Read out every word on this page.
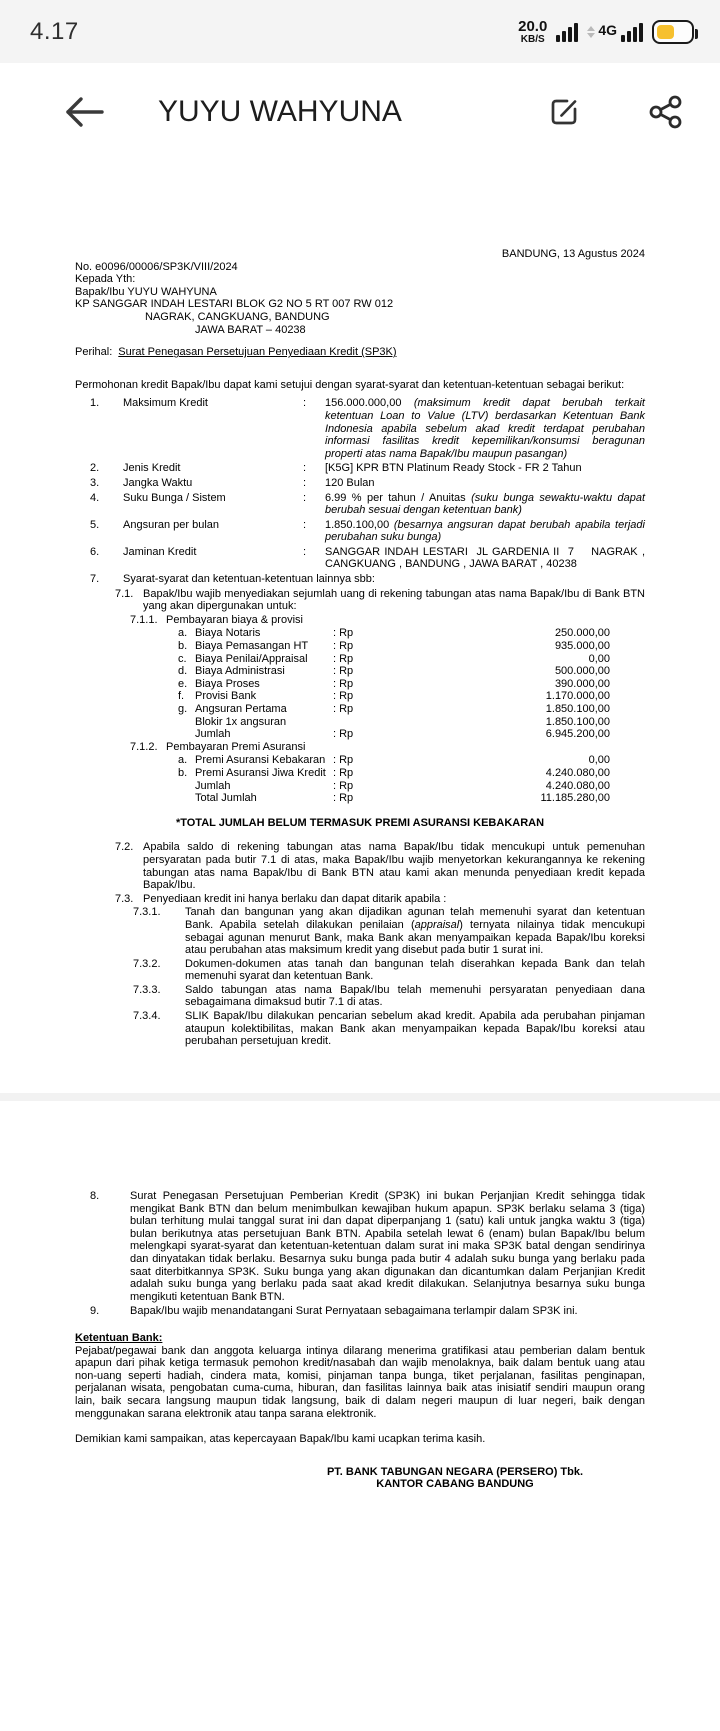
4.17	20.0
KB/S
4G
YUYU WAHYUNA
BANDUNG, 13 Agustus 2024
No. e0096/00006/SP3K/VIII/2024
Kepada Yth:
Bapak/Ibu YUYU WAHYUNA
KP SANGGAR INDAH LESTARI BLOK G2 NO 5 RT 007 RW 012
NAGRAK, CANGKUANG, BANDUNG
JAWA BARAT – 40238
Perihal: Surat Penegasan Persetujuan Penyediaan Kredit (SP3K)
Permohonan kredit Bapak/Ibu dapat kami setujui dengan syarat-syarat dan ketentuan-ketentuan sebagai berikut:
1.	Maksimum Kredit	:	156.000.000,00 (maksimum kredit dapat berubah terkait ketentuan Loan to Value (LTV) berdasarkan Ketentuan Bank Indonesia apabila sebelum akad kredit terdapat perubahan informasi fasilitas kredit kepemilikan/konsumsi beragunan properti atas nama Bapak/Ibu maupun pasangan)
2.	Jenis Kredit	:	[K5G] KPR BTN Platinum Ready Stock - FR 2 Tahun
3.	Jangka Waktu	:	120 Bulan
4.	Suku Bunga / Sistem	:	6.99 % per tahun / Anuitas (suku bunga sewaktu-waktu dapat berubah sesuai dengan ketentuan bank)
5.	Angsuran per bulan	:	1.850.100,00 (besarnya angsuran dapat berubah apabila terjadi perubahan suku bunga)
6.	Jaminan Kredit	:	SANGGAR INDAH LESTARI  JL GARDENIA II  7    NAGRAK , CANGKUANG , BANDUNG , JAWA BARAT , 40238
7.	Syarat-syarat dan ketentuan-ketentuan lainnya sbb:
7.1. Bapak/Ibu wajib menyediakan sejumlah uang di rekening tabungan atas nama Bapak/Ibu di Bank BTN yang akan dipergunakan untuk:
7.1.1. Pembayaran biaya & provisi
a. Biaya Notaris	: Rp	250.000,00
b. Biaya Pemasangan HT	: Rp	935.000,00
c. Biaya Penilai/Appraisal	: Rp	0,00
d. Biaya Administrasi	: Rp	500.000,00
e. Biaya Proses	: Rp	390.000,00
f. Provisi Bank	: Rp	1.170.000,00
g. Angsuran Pertama	: Rp	1.850.100,00
Blokir 1x angsuran	1.850.100,00
Jumlah	: Rp	6.945.200,00
7.1.2. Pembayaran Premi Asuransi
a. Premi Asuransi Kebakaran : Rp	0,00
b. Premi Asuransi Jiwa Kredit : Rp	4.240.080,00
Jumlah	: Rp	4.240.080,00
Total Jumlah	: Rp	11.185.280,00
*TOTAL JUMLAH BELUM TERMASUK PREMI ASURANSI KEBAKARAN
7.2. Apabila saldo di rekening tabungan atas nama Bapak/Ibu tidak mencukupi untuk pemenuhan persyaratan pada butir 7.1 di atas, maka Bapak/Ibu wajib menyetorkan kekurangannya ke rekening tabungan atas nama Bapak/Ibu di Bank BTN atau kami akan menunda penyediaan kredit kepada Bapak/Ibu.
7.3. Penyediaan kredit ini hanya berlaku dan dapat ditarik apabila :
7.3.1.	Tanah dan bangunan yang akan dijadikan agunan telah memenuhi syarat dan ketentuan Bank. Apabila setelah dilakukan penilaian (appraisal) ternyata nilainya tidak mencukupi sebagai agunan menurut Bank, maka Bank akan menyampaikan kepada Bapak/Ibu koreksi atau perubahan atas maksimum kredit yang disebut pada butir 1 surat ini.
7.3.2.	Dokumen-dokumen atas tanah dan bangunan telah diserahkan kepada Bank dan telah memenuhi syarat dan ketentuan Bank.
7.3.3.	Saldo tabungan atas nama Bapak/Ibu telah memenuhi persyaratan penyediaan dana sebagaimana dimaksud butir 7.1 di atas.
7.3.4.	SLIK Bapak/Ibu dilakukan pencarian sebelum akad kredit. Apabila ada perubahan pinjaman ataupun kolektibilitas, makan Bank akan menyampaikan kepada Bapak/Ibu koreksi atau perubahan persetujuan kredit.
8.	Surat Penegasan Persetujuan Pemberian Kredit (SP3K) ini bukan Perjanjian Kredit sehingga tidak mengikat Bank BTN dan belum menimbulkan kewajiban hukum apapun. SP3K berlaku selama 3 (tiga) bulan terhitung mulai tanggal surat ini dan dapat diperpanjang 1 (satu) kali untuk jangka waktu 3 (tiga) bulan berikutnya atas persetujuan Bank BTN. Apabila setelah lewat 6 (enam) bulan Bapak/Ibu belum melengkapi syarat-syarat dan ketentuan-ketentuan dalam surat ini maka SP3K batal dengan sendirinya dan dinyatakan tidak berlaku. Besarnya suku bunga pada butir 4 adalah suku bunga yang berlaku pada saat diterbitkannya SP3K. Suku bunga yang akan digunakan dan dicantumkan dalam Perjanjian Kredit adalah suku bunga yang berlaku pada saat akad kredit dilakukan. Selanjutnya besarnya suku bunga mengikuti ketentuan Bank BTN.
9.	Bapak/Ibu wajib menandatangani Surat Pernyataan sebagaimana terlampir dalam SP3K ini.
Ketentuan Bank:
Pejabat/pegawai bank dan anggota keluarga intinya dilarang menerima gratifikasi atau pemberian dalam bentuk apapun dari pihak ketiga termasuk pemohon kredit/nasabah dan wajib menolaknya, baik dalam bentuk uang atau non-uang seperti hadiah, cindera mata, komisi, pinjaman tanpa bunga, tiket perjalanan, fasilitas penginapan, perjalanan wisata, pengobatan cuma-cuma, hiburan, dan fasilitas lainnya baik atas inisiatif sendiri maupun orang lain, baik secara langsung maupun tidak langsung, baik di dalam negeri maupun di luar negeri, baik dengan menggunakan sarana elektronik atau tanpa sarana elektronik.
Demikian kami sampaikan, atas kepercayaan Bapak/Ibu kami ucapkan terima kasih.
PT. BANK TABUNGAN NEGARA (PERSERO) Tbk.
KANTOR CABANG BANDUNG
